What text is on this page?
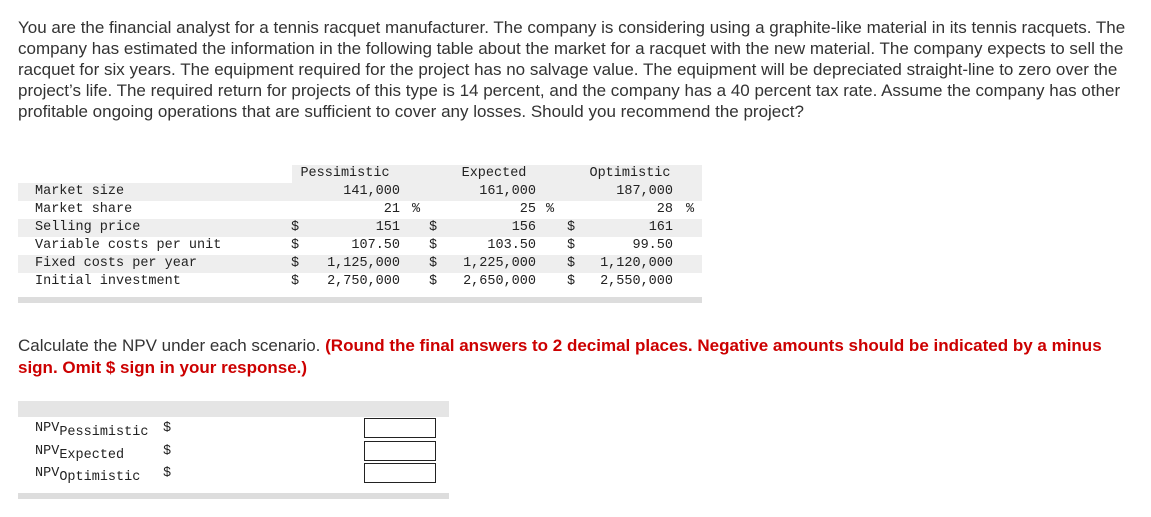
You are the financial analyst for a tennis racquet manufacturer. The company is considering using a graphite-like material in its tennis racquets. The company has estimated the information in the following table about the market for a racquet with the new material. The company expects to sell the racquet for six years. The equipment required for the project has no salvage value. The equipment will be depreciated straight-line to zero over the project’s life. The required return for projects of this type is 14 percent, and the company has a 40 percent tax rate. Assume the company has other profitable ongoing operations that are sufficient to cover any losses. Should you recommend the project?

Pessimistic	Expected	Optimistic
Market size	141,000	161,000	187,000
Market share	21 %	25 %	28 %
Selling price	$	151 $	156 $	161
Variable costs per unit	$	107.50 $	103.50 $	99.50
Fixed costs per year	$ 1,125,000 $ 1,225,000 $ 1,120,000
Initial investment	$ 2,750,000 $ 2,650,000 $ 2,550,000

Calculate the NPV under each scenario. (Round the final answers to 2 decimal places. Negative amounts should be indicated by a minus sign. Omit $ sign in your response.)

$NPV_{Pessimistic}$ $
$NPV_{Expected}$	$
$NPV_{Optimistic}$ $
